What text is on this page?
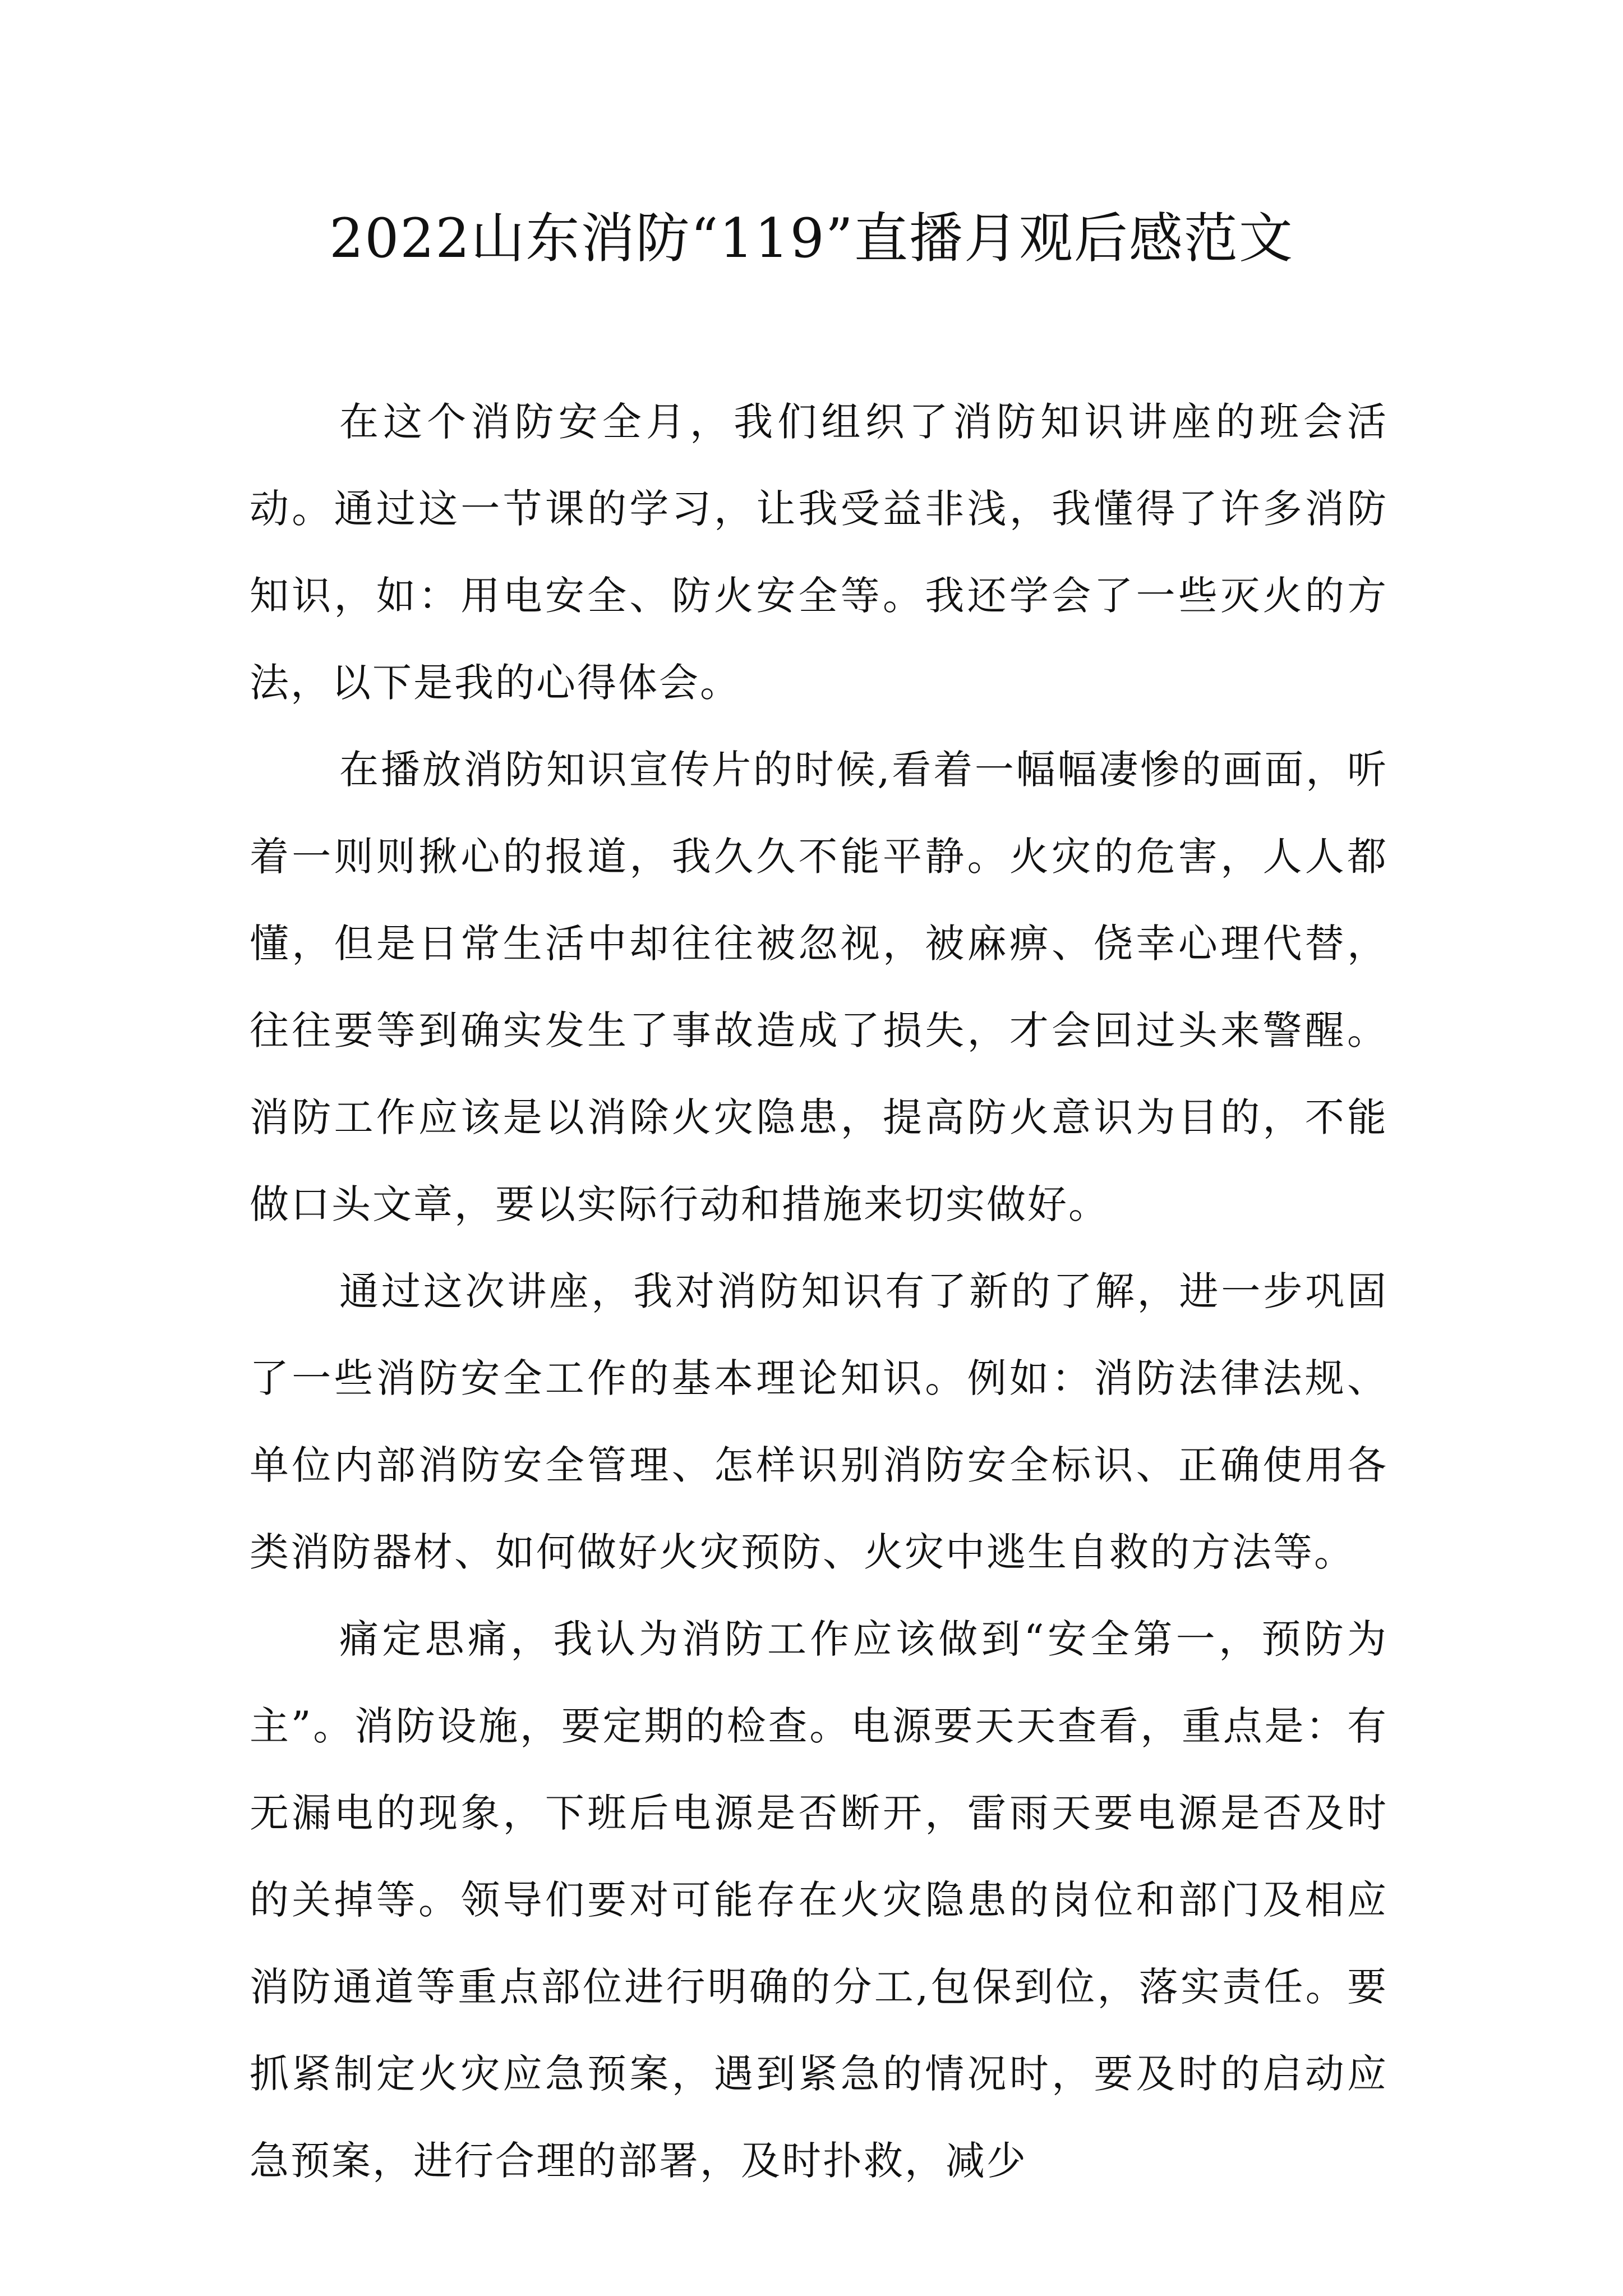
2022山东消防“119”直播月观后感范文

在这个消防安全月，我们组织了消防知识讲座的班会活动。通过这一节课的学习，让我受益非浅，我懂得了许多消防知识，如：用电安全、防火安全等。我还学会了一些灭火的方法，以下是我的心得体会。

在播放消防知识宣传片的时候,看着一幅幅凄惨的画面，听着一则则揪心的报道，我久久不能平静。火灾的危害，人人都懂，但是日常生活中却往往被忽视，被麻痹、侥幸心理代替，往往要等到确实发生了事故造成了损失，才会回过头来警醒。消防工作应该是以消除火灾隐患，提高防火意识为目的，不能做口头文章，要以实际行动和措施来切实做好。

通过这次讲座，我对消防知识有了新的了解，进一步巩固了一些消防安全工作的基本理论知识。例如：消防法律法规、单位内部消防安全管理、怎样识别消防安全标识、正确使用各类消防器材、如何做好火灾预防、火灾中逃生自救的方法等。

痛定思痛，我认为消防工作应该做到“安全第一，预防为主”。消防设施，要定期的检查。电源要天天查看，重点是：有无漏电的现象，下班后电源是否断开，雷雨天要电源是否及时的关掉等。领导们要对可能存在火灾隐患的岗位和部门及相应消防通道等重点部位进行明确的分工,包保到位，落实责任。要抓紧制定火灾应急预案，遇到紧急的情况时，要及时的启动应急预案，进行合理的部署，及时扑救，减少
